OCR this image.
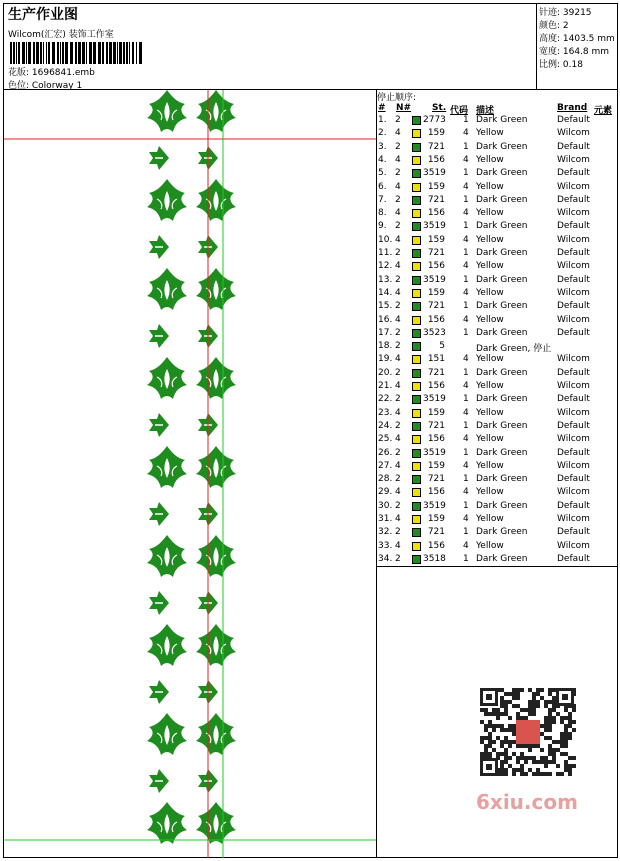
生产作业图
Wilcom(汇宏) 装饰工作室
花版: 1696841.emb
色位: Colorway 1
针迹: 39215
颜色: 2
高度: 1403.5 mm
宽度: 164.8 mm
比例: 0.18
停止顺序:
# N# St. 代码 描述	Brand 元素
1. 2 2773 1 Dark Green	Default
2. 4	159 4 Yellow	Wilcom
3. 2	721 1 Dark Green	Default
4. 4	156 4 Yellow	Wilcom
5. 2 3519 1 Dark Green	Default
6. 4	159 4 Yellow	Wilcom
7. 2	721 1 Dark Green	Default
8. 4	156 4 Yellow	Wilcom
9. 2 3519 1 Dark Green	Default
10. 4	159 4 Yellow	Wilcom
11. 2	721 1 Dark Green	Default
12. 4	156 4 Yellow	Wilcom
13. 2 3519 1 Dark Green	Default
14. 4	159 4 Yellow	Wilcom
15. 2	721 1 Dark Green	Default
16. 4	156 4 Yellow	Wilcom
17. 2 3523 1 Dark Green	Default
18. 2	5	Dark Green, 停止
19. 4	151 4 Yellow	Wilcom
20. 2	721 1 Dark Green	Default
21. 4	156 4 Yellow	Wilcom
22. 2 3519 1 Dark Green	Default
23. 4	159 4 Yellow	Wilcom
24. 2	721 1 Dark Green	Default
25. 4	156 4 Yellow	Wilcom
26. 2 3519 1 Dark Green	Default
27. 4	159 4 Yellow	Wilcom
28. 2	721 1 Dark Green	Default
29. 4	156 4 Yellow	Wilcom
30. 2 3519 1 Dark Green	Default
31. 4	159 4 Yellow	Wilcom
32. 2	721 1 Dark Green	Default
33. 4	156 4 Yellow	Wilcom
34. 2 3518 1 Dark Green	Default
6xiu.com
